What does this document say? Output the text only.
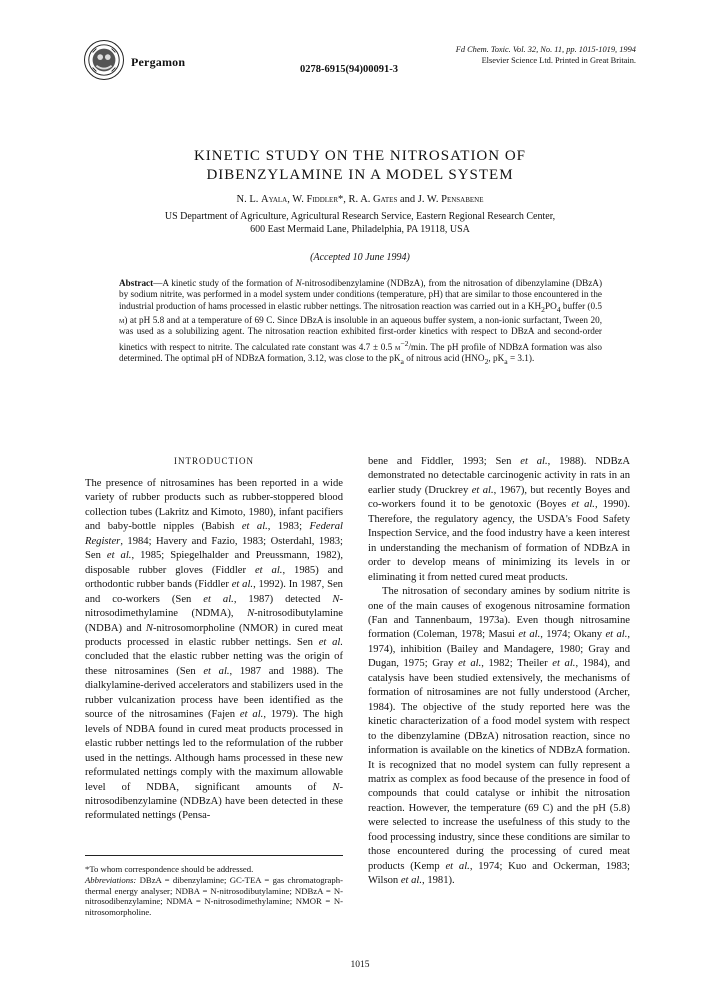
Pergamon
0278-6915(94)00091-3
Fd Chem. Toxic. Vol. 32, No. 11, pp. 1015-1019, 1994
Elsevier Science Ltd. Printed in Great Britain.
KINETIC STUDY ON THE NITROSATION OF
DIBENZYLAMINE IN A MODEL SYSTEM
N. L. Ayala, W. Fiddler*, R. A. Gates and J. W. Pensabene
US Department of Agriculture, Agricultural Research Service, Eastern Regional Research Center,
600 East Mermaid Lane, Philadelphia, PA 19118, USA
(Accepted 10 June 1994)
Abstract—A kinetic study of the formation of N-nitrosodibenzylamine (NDBzA), from the nitrosation of dibenzylamine (DBzA) by sodium nitrite, was performed in a model system under conditions (temperature, pH) that are similar to those encountered in the industrial production of hams processed in elastic rubber nettings. The nitrosation reaction was carried out in a $KH_2PO_4$ buffer (0.5 m) at pH 5.8 and at a temperature of 69 C. Since DBzA is insoluble in an aqueous buffer system, a non-ionic surfactant, Tween 20, was used as a solubilizing agent. The nitrosation reaction exhibited first-order kinetics with respect to DBzA and second-order kinetics with respect to nitrite. The calculated rate constant was 4.7 ± 0.5 $m^{-2}/\min$. The pH profile of NDBzA formation was also determined. The optimal pH of NDBzA formation, 3.12, was close to the $pK_a$ of nitrous acid ($HNO_2$, $pK_a = 3.1$).
INTRODUCTION

The presence of nitrosamines has been reported in a wide variety of rubber products such as rubber-stoppered blood collection tubes (Lakritz and Kimoto, 1980), infant pacifiers and baby-bottle nipples (Babish et al., 1983; Federal Register, 1984; Havery and Fazio, 1983; Osterdahl, 1983; Sen et al., 1985; Spiegelhalder and Preussmann, 1982), disposable rubber gloves (Fiddler et al., 1985) and orthodontic rubber bands (Fiddler et al., 1992). In 1987, Sen and co-workers (Sen et al., 1987) detected N-nitrosodimethylamine (NDMA), N-nitrosodibutylamine (NDBA) and N-nitrosomorpholine (NMOR) in cured meat products processed in elastic rubber nettings. Sen et al. concluded that the elastic rubber netting was the origin of these nitrosamines (Sen et al., 1987 and 1988). The dialkylamine-derived accelerators and stabilizers used in the rubber vulcanization process have been identified as the source of the nitrosamines (Fajen et al., 1979). The high levels of NDBA found in cured meat products processed in elastic rubber nettings led to the reformulation of the rubber used in the nettings. Although hams processed in these new reformulated nettings comply with the maximum allowable level of NDBA, significant amounts of N-nitrosodibenzylamine (NDBzA) have been detected in these reformulated nettings (Pensa-

*To whom correspondence should be addressed.

Abbreviations: DBzA = dibenzylamine; GC-TEA = gas chromatograph-thermal energy analyser; NDBA = N-nitrosodibutylamine; NDBzA = N-nitrosodibenzylamine; NDMA = N-nitrosodimethylamine; NMOR = N-nitrosomorpholine.

bene and Fiddler, 1993; Sen et al., 1988). NDBzA demonstrated no detectable carcinogenic activity in rats in an earlier study (Druckrey et al., 1967), but recently Boyes and co-workers found it to be genotoxic (Boyes et al., 1990). Therefore, the regulatory agency, the USDA's Food Safety Inspection Service, and the food industry have a keen interest in understanding the mechanism of formation of NDBzA in order to develop means of minimizing its levels in or eliminating it from netted cured meat products.

The nitrosation of secondary amines by sodium nitrite is one of the main causes of exogenous nitrosamine formation (Fan and Tannenbaum, 1973a). Even though nitrosamine formation (Coleman, 1978; Masui et al., 1974; Okany et al., 1974), inhibition (Bailey and Mandagere, 1980; Gray and Dugan, 1975; Gray et al., 1982; Theiler et al., 1984), and catalysis have been studied extensively, the mechanisms of formation of nitrosamines are not fully understood (Archer, 1984). The objective of the study reported here was the kinetic characterization of a food model system with respect to the dibenzylamine (DBzA) nitrosation reaction, since no information is available on the kinetics of NDBzA formation. It is recognized that no model system can fully represent a matrix as complex as food because of the presence in food of compounds that could catalyse or inhibit the nitrosation reaction. However, the temperature (69 C) and the pH (5.8) were selected to increase the usefulness of this study to the food processing industry, since these conditions are similar to those encountered during the processing of cured meat products (Kemp et al., 1974; Kuo and Ockerman, 1983; Wilson et al., 1981).

1015
